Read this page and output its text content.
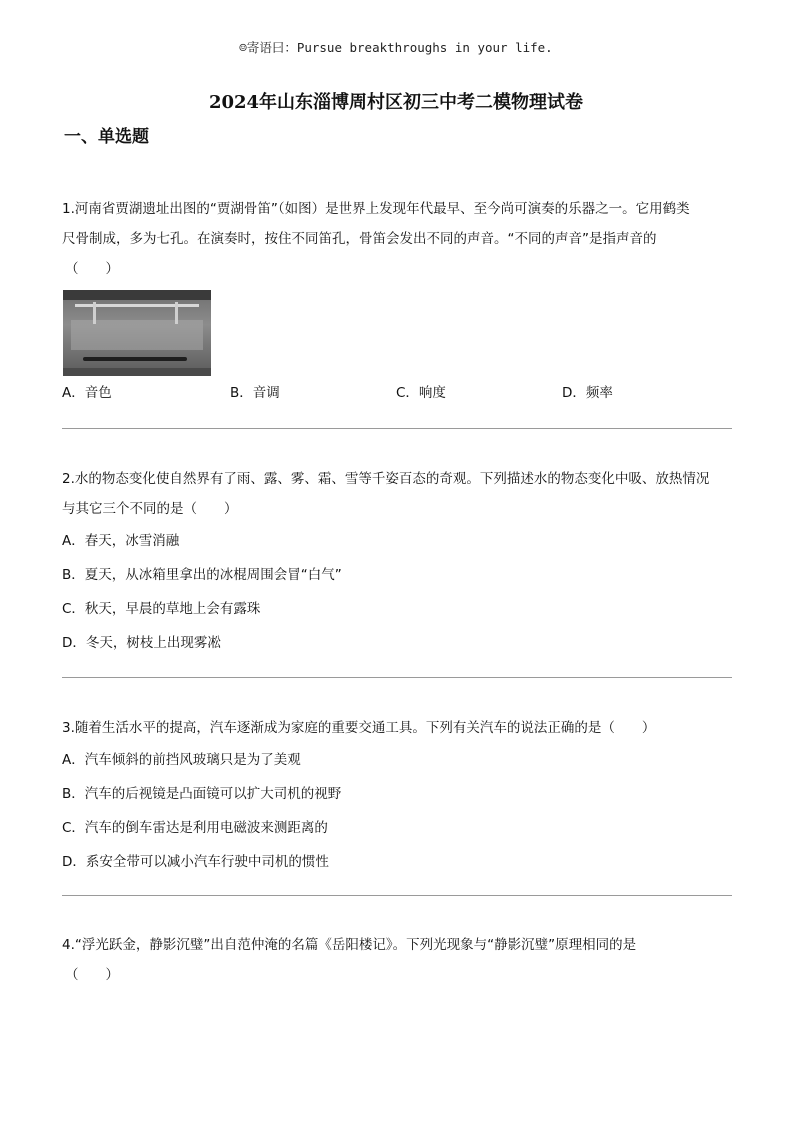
☺寄语曰：Pursue breakthroughs in your life.
2024年山东淄博周村区初三中考二模物理试卷
一、单选题
1.河南省贾湖遗址出图的“贾湖骨笛”（如图）是世界上发现年代最早、至今尚可演奏的乐器之一。它用鹤类
尺骨制成，多为七孔。在演奏时，按住不同笛孔，骨笛会发出不同的声音。“不同的声音”是指声音的
（　　）
A．音色	B．音调	C．响度	D．频率
2.水的物态变化使自然界有了雨、露、雾、霜、雪等千姿百态的奇观。下列描述水的物态变化中吸、放热情况
与其它三个不同的是（　　）
A．春天，冰雪消融
B．夏天，从冰箱里拿出的冰棍周围会冒“白气”
C．秋天，早晨的草地上会有露珠
D．冬天，树枝上出现雾凇
3.随着生活水平的提高，汽车逐渐成为家庭的重要交通工具。下列有关汽车的说法正确的是（　　）
A．汽车倾斜的前挡风玻璃只是为了美观
B．汽车的后视镜是凸面镜可以扩大司机的视野
C．汽车的倒车雷达是利用电磁波来测距离的
D．系安全带可以减小汽车行驶中司机的惯性
4.“浮光跃金，静影沉璧”出自范仲淹的名篇《岳阳楼记》。下列光现象与“静影沉璧”原理相同的是
（　　）
